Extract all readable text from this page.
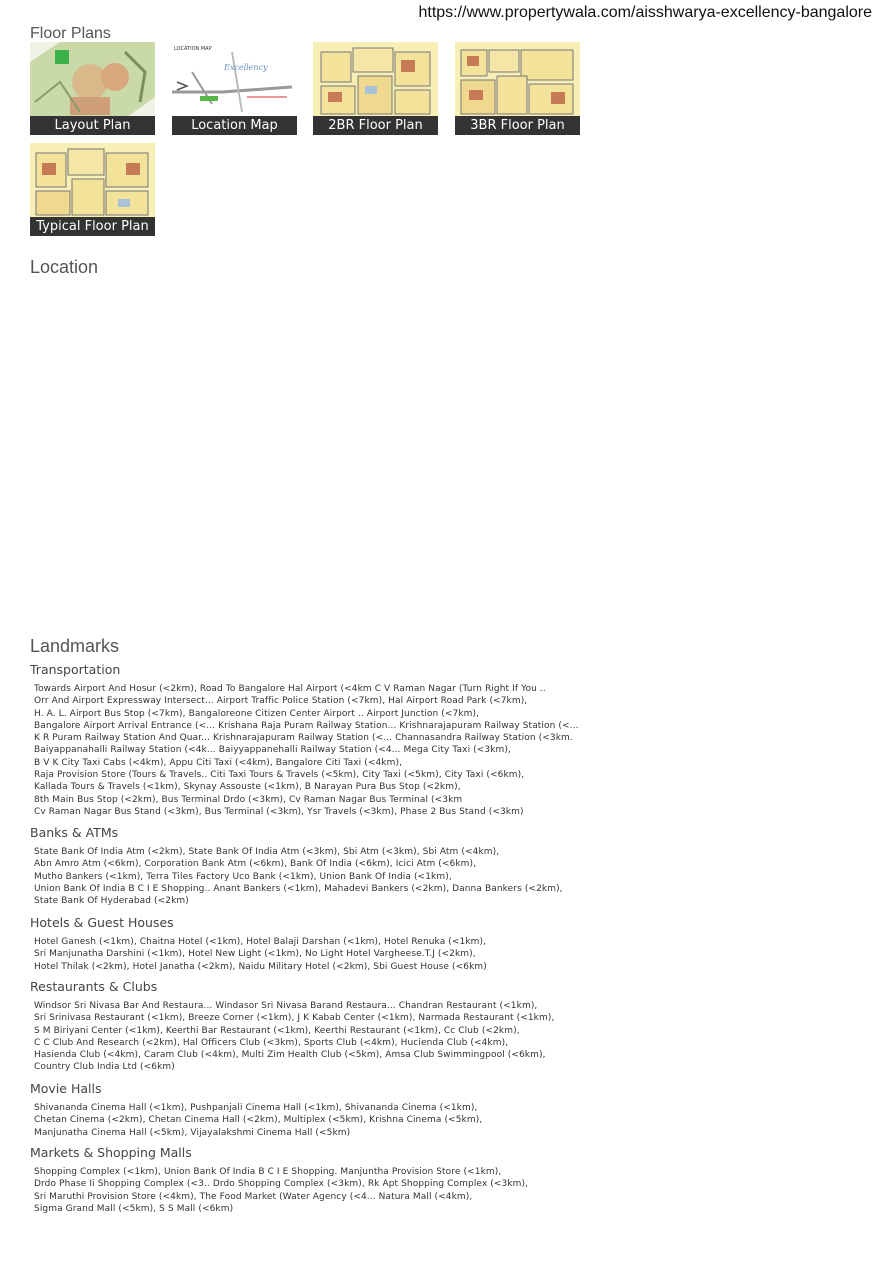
https://www.propertywala.com/aisshwarya-excellency-bangalore
Floor Plans
Layout Plan
LOCATION MAP
Excellency
Location Map	2BR Floor Plan	3BR Floor Plan
Typical Floor Plan
Location
Landmarks
Transportation
Towards Airport And Hosur (<2km), Road To Bangalore Hal Airport (<4km C V Raman Nagar (Turn Right If You ..
Orr And Airport Expressway Intersect... Airport Traffic Police Station (<7km), Hal Airport Road Park (<7km),
H. A. L. Airport Bus Stop (<7km), Bangaloreone Citizen Center Airport .. Airport Junction (<7km),
Bangalore Airport Arrival Entrance (<... Krishana Raja Puram Railway Station... Krishnarajapuram Railway Station (<...
K R Puram Railway Station And Quar... Krishnarajapuram Railway Station (<... Channasandra Railway Station (<3km.
Baiyappanahalli Railway Station (<4k... Baiyyappanehalli Railway Station (<4... Mega City Taxi (<3km),
B V K City Taxi Cabs (<4km), Appu Citi Taxi (<4km), Bangalore Citi Taxi (<4km),
Raja Provision Store (Tours & Travels.. Citi Taxi Tours & Travels (<5km), City Taxi (<5km), City Taxi (<6km),
Kallada Tours & Travels (<1km), Skynay Assouste (<1km), B Narayan Pura Bus Stop (<2km),
8th Main Bus Stop (<2km), Bus Terminal Drdo (<3km), Cv Raman Nagar Bus Terminal (<3km
Cv Raman Nagar Bus Stand (<3km), Bus Terminal (<3km), Ysr Travels (<3km), Phase 2 Bus Stand (<3km)
Banks & ATMs
State Bank Of India Atm (<2km), State Bank Of India Atm (<3km), Sbi Atm (<3km), Sbi Atm (<4km),
Abn Amro Atm (<6km), Corporation Bank Atm (<6km), Bank Of India (<6km), Icici Atm (<6km),
Mutho Bankers (<1km), Terra Tiles Factory Uco Bank (<1km), Union Bank Of India (<1km),
Union Bank Of India B C I E Shopping.. Anant Bankers (<1km), Mahadevi Bankers (<2km), Danna Bankers (<2km),
State Bank Of Hyderabad (<2km)
Hotels & Guest Houses
Hotel Ganesh (<1km), Chaitna Hotel (<1km), Hotel Balaji Darshan (<1km), Hotel Renuka (<1km),
Sri Manjunatha Darshini (<1km), Hotel New Light (<1km), No Light Hotel Vargheese.T.J (<2km),
Hotel Thilak (<2km), Hotel Janatha (<2km), Naidu Military Hotel (<2km), Sbi Guest House (<6km)
Restaurants & Clubs
Windsor Sri Nivasa Bar And Restaura... Windasor Sri Nivasa Barand Restaura... Chandran Restaurant (<1km),
Sri Srinivasa Restaurant (<1km), Breeze Corner (<1km), J K Kabab Center (<1km), Narmada Restaurant (<1km),
S M Biriyani Center (<1km), Keerthi Bar Restaurant (<1km), Keerthi Restaurant (<1km), Cc Club (<2km),
C C Club And Research (<2km), Hal Officers Club (<3km), Sports Club (<4km), Hucienda Club (<4km),
Hasienda Club (<4km), Caram Club (<4km), Multi Zim Health Club (<5km), Amsa Club Swimmingpool (<6km),
Country Club India Ltd (<6km)
Movie Halls
Shivananda Cinema Hall (<1km), Pushpanjali Cinema Hall (<1km), Shivananda Cinema (<1km),
Chetan Cinema (<2km), Chetan Cinema Hall (<2km), Multiplex (<5km), Krishna Cinema (<5km),
Manjunatha Cinema Hall (<5km), Vijayalakshmi Cinema Hall (<5km)
Markets & Shopping Malls
Shopping Complex (<1km), Union Bank Of India B C I E Shopping. Manjuntha Provision Store (<1km),
Drdo Phase Ii Shopping Complex (<3.. Drdo Shopping Complex (<3km), Rk Apt Shopping Complex (<3km),
Sri Maruthi Provision Store (<4km), The Food Market (Water Agency (<4... Natura Mall (<4km),
Sigma Grand Mall (<5km), S S Mall (<6km)
